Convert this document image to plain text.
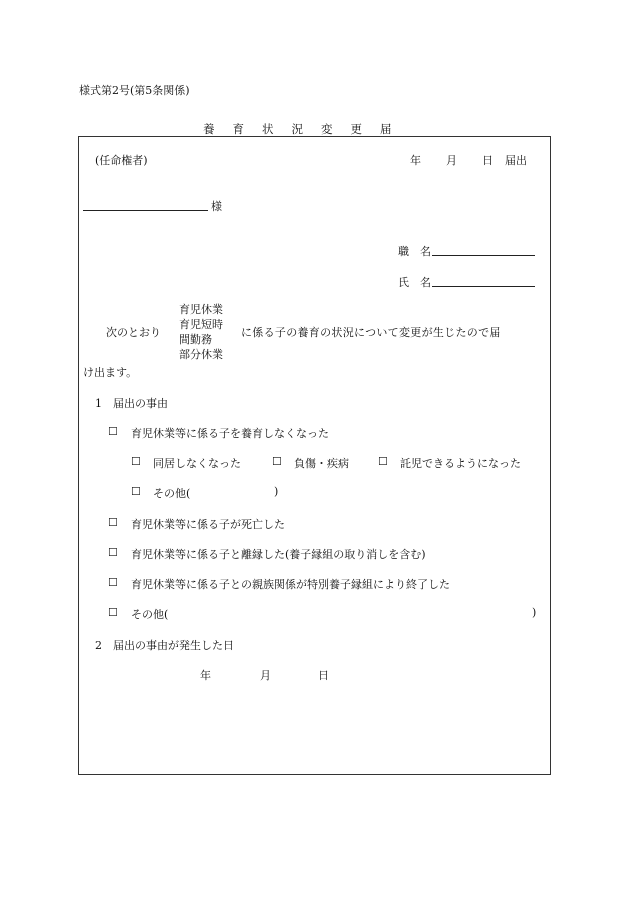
様式第2号(第5条関係)
養 育 状 況 変 更 届
(任命権者)	年 月 日 届出
様
職　名
氏　名
次のとおり
育児休業
育児短時
間勤務
部分休業
に係る子の養育の状況について変更が生じたので届
け出ます。
1　届出の事由
☐ 育児休業等に係る子を養育しなくなった
☐ 同居しなくなった	☐ 負傷・疾病	☐ 託児できるようになった
☐ その他(	)
☐ 育児休業等に係る子が死亡した
☐ 育児休業等に係る子と離縁した(養子縁組の取り消しを含む)
☐ 育児休業等に係る子との親族関係が特別養子縁組により終了した
☐ その他(	)
2　届出の事由が発生した日
年	月	日
